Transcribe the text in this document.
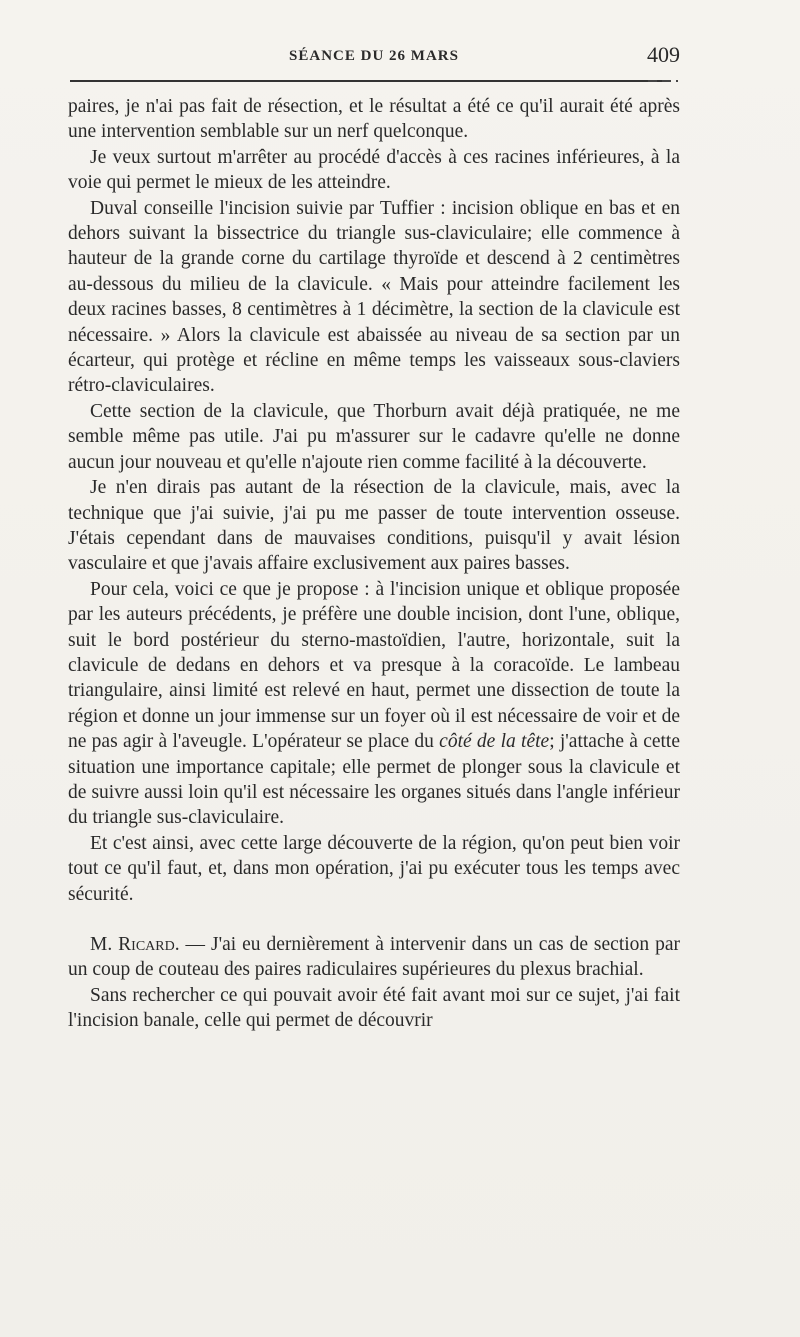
SÉANCE DU 26 MARS	409

paires, je n'ai pas fait de résection, et le résultat a été ce qu'il aurait été après une intervention semblable sur un nerf quelconque.

Je veux surtout m'arrêter au procédé d'accès à ces racines inférieures, à la voie qui permet le mieux de les atteindre.

Duval conseille l'incision suivie par Tuffier : incision oblique en bas et en dehors suivant la bissectrice du triangle sus-claviculaire; elle commence à hauteur de la grande corne du cartilage thyroïde et descend à 2 centimètres au-dessous du milieu de la clavicule. « Mais pour atteindre facilement les deux racines basses, 8 centimètres à 1 décimètre, la section de la clavicule est nécessaire. » Alors la clavicule est abaissée au niveau de sa section par un écarteur, qui protège et récline en même temps les vaisseaux sous-claviers rétro-claviculaires.

Cette section de la clavicule, que Thorburn avait déjà pratiquée, ne me semble même pas utile. J'ai pu m'assurer sur le cadavre qu'elle ne donne aucun jour nouveau et qu'elle n'ajoute rien comme facilité à la découverte.

Je n'en dirais pas autant de la résection de la clavicule, mais, avec la technique que j'ai suivie, j'ai pu me passer de toute intervention osseuse. J'étais cependant dans de mauvaises conditions, puisqu'il y avait lésion vasculaire et que j'avais affaire exclusivement aux paires basses.

Pour cela, voici ce que je propose : à l'incision unique et oblique proposée par les auteurs précédents, je préfère une double incision, dont l'une, oblique, suit le bord postérieur du sterno-mastoïdien, l'autre, horizontale, suit la clavicule de dedans en dehors et va presque à la coracoïde. Le lambeau triangulaire, ainsi limité est relevé en haut, permet une dissection de toute la région et donne un jour immense sur un foyer où il est nécessaire de voir et de ne pas agir à l'aveugle. L'opérateur se place du côté de la tête; j'attache à cette situation une importance capitale; elle permet de plonger sous la clavicule et de suivre aussi loin qu'il est nécessaire les organes situés dans l'angle inférieur du triangle sus-claviculaire.

Et c'est ainsi, avec cette large découverte de la région, qu'on peut bien voir tout ce qu'il faut, et, dans mon opération, j'ai pu exécuter tous les temps avec sécurité.

M. Ricard. — J'ai eu dernièrement à intervenir dans un cas de section par un coup de couteau des paires radiculaires supérieures du plexus brachial.

Sans rechercher ce qui pouvait avoir été fait avant moi sur ce sujet, j'ai fait l'incision banale, celle qui permet de découvrir
